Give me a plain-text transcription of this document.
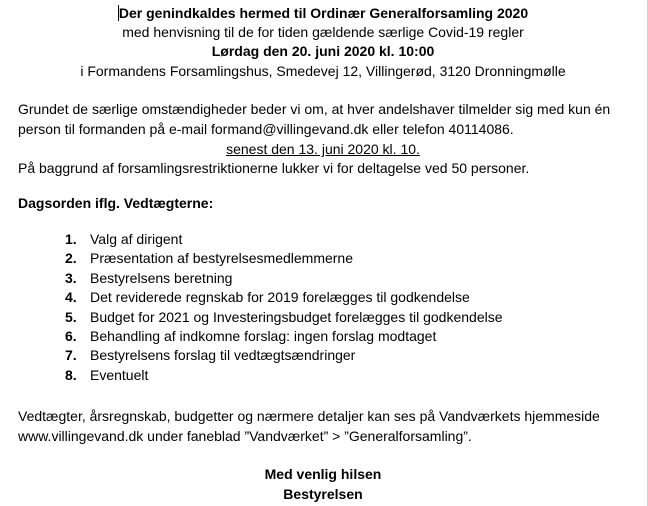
Der genindkaldes hermed til Ordinær Generalforsamling 2020
med henvisning til de for tiden gældende særlige Covid-19 regler
Lørdag den 20. juni 2020 kl. 10:00
i Formandens Forsamlingshus, Smedevej 12, Villingerød, 3120 Dronningmølle
Grundet de særlige omstændigheder beder vi om, at hver andelshaver tilmelder sig med kun én
person til formanden på e-mail formand@villingevand.dk eller telefon 40114086.
senest den 13. juni 2020 kl. 10.
På baggrund af forsamlingsrestriktionerne lukker vi for deltagelse ved 50 personer.
Dagsorden iflg. Vedtægterne:
1. Valg af dirigent
2. Præsentation af bestyrelsesmedlemmerne
3. Bestyrelsens beretning
4. Det reviderede regnskab for 2019 forelægges til godkendelse
5. Budget for 2021 og Investeringsbudget forelægges til godkendelse
6. Behandling af indkomne forslag: ingen forslag modtaget
7. Bestyrelsens forslag til vedtægtsændringer
8. Eventuelt
Vedtægter, årsregnskab, budgetter og nærmere detaljer kan ses på Vandværkets hjemmeside
www.villingevand.dk under faneblad ”Vandværket” > ”Generalforsamling”.
Med venlig hilsen
Bestyrelsen
